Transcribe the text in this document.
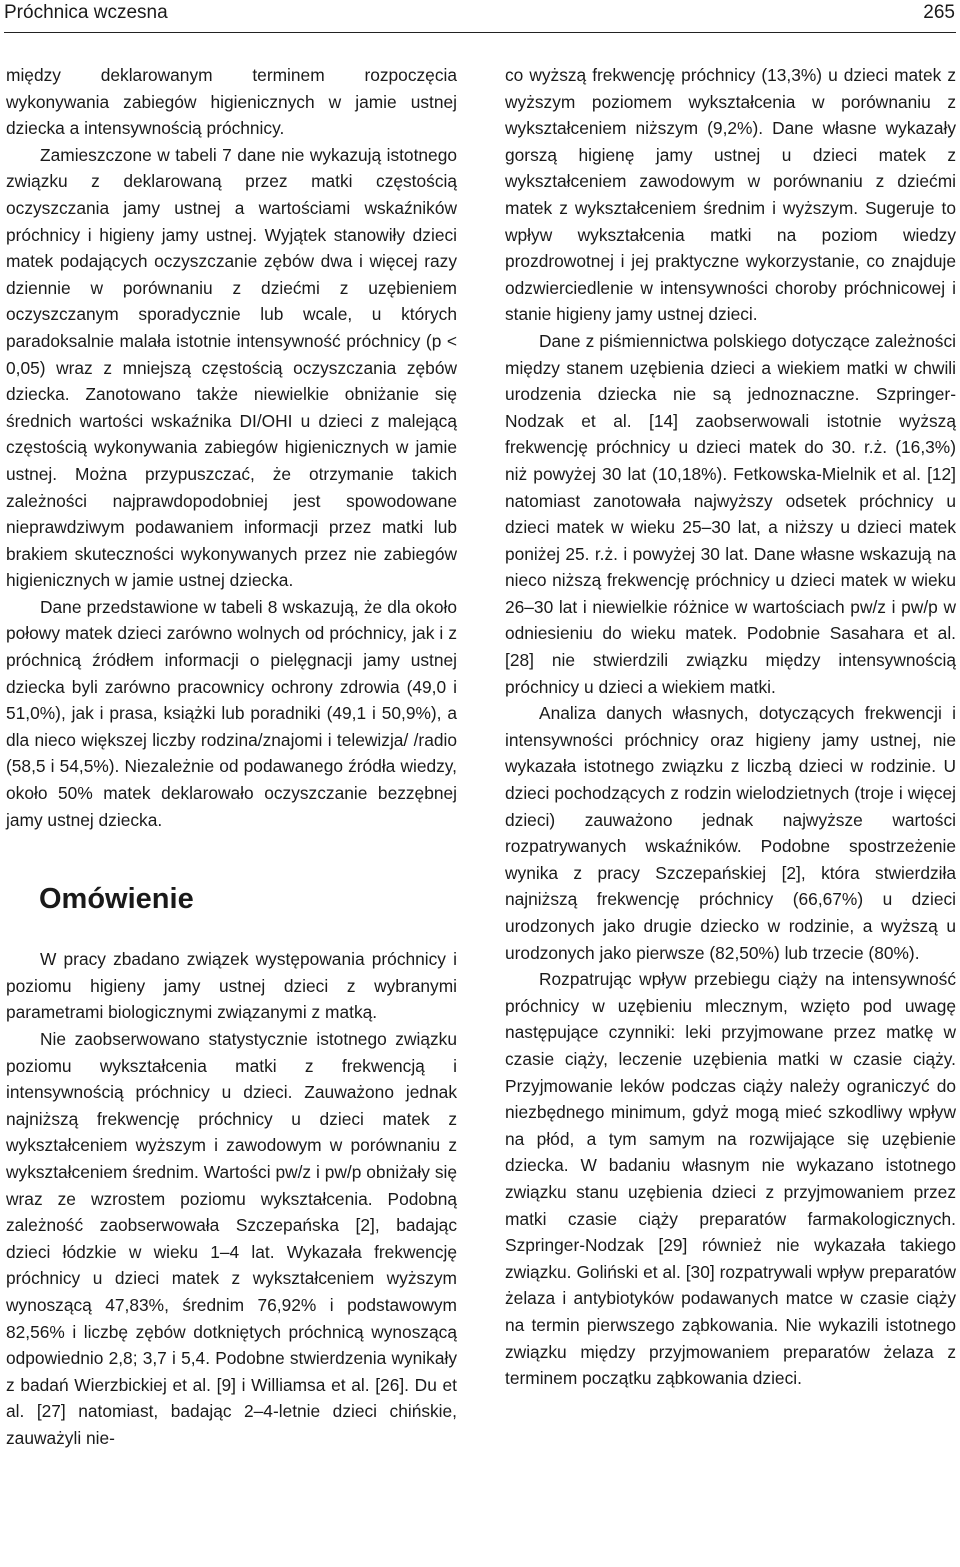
Próchnica wczesna	265

między deklarowanym terminem rozpoczęcia wykonywania zabiegów higienicznych w jamie ustnej dziecka a intensywnością próchnicy.

Zamieszczone w tabeli 7 dane nie wykazują istotnego związku z deklarowaną przez matki częstością oczyszczania jamy ustnej a wartościami wskaźników próchnicy i higieny jamy ustnej. Wyjątek stanowiły dzieci matek podających oczyszczanie zębów dwa i więcej razy dziennie w porównaniu z dziećmi z uzębieniem oczyszczanym sporadycznie lub wcale, u których paradoksalnie malała istotnie intensywność próchnicy (p < 0,05) wraz z mniejszą częstością oczyszczania zębów dziecka. Zanotowano także niewielkie obniżanie się średnich wartości wskaźnika DI/OHI u dzieci z malejącą częstością wykonywania zabiegów higienicznych w jamie ustnej. Można przypuszczać, że otrzymanie takich zależności najprawdopodobniej jest spowodowane nieprawdziwym podawaniem informacji przez matki lub brakiem skuteczności wykonywanych przez nie zabiegów higienicznych w jamie ustnej dziecka.

Dane przedstawione w tabeli 8 wskazują, że dla około połowy matek dzieci zarówno wolnych od próchnicy, jak i z próchnicą źródłem informacji o pielęgnacji jamy ustnej dziecka byli zarówno pracownicy ochrony zdrowia (49,0 i 51,0%), jak i prasa, książki lub poradniki (49,1 i 50,9%), a dla nieco większej liczby rodzina/znajomi i telewizja/ /radio (58,5 i 54,5%). Niezależnie od podawanego źródła wiedzy, około 50% matek deklarowało oczyszczanie bezzębnej jamy ustnej dziecka.

Omówienie

W pracy zbadano związek występowania próchnicy i poziomu higieny jamy ustnej dzieci z wybranymi parametrami biologicznymi związanymi z matką.

Nie zaobserwowano statystycznie istotnego związku poziomu wykształcenia matki z frekwencją i intensywnością próchnicy u dzieci. Zauważono jednak najniższą frekwencję próchnicy u dzieci matek z wykształceniem wyższym i zawodowym w porównaniu z wykształceniem średnim. Wartości pw/z i pw/p obniżały się wraz ze wzrostem poziomu wykształcenia. Podobną zależność zaobserwowała Szczepańska [2], badając dzieci łódzkie w wieku 1–4 lat. Wykazała frekwencję próchnicy u dzieci matek z wykształceniem wyższym wynoszącą 47,83%, średnim 76,92% i podstawowym 82,56% i liczbę zębów dotkniętych próchnicą wynoszącą odpowiednio 2,8; 3,7 i 5,4. Podobne stwierdzenia wynikały z badań Wierzbickiej et al. [9] i Williamsa et al. [26]. Du et al. [27] natomiast, badając 2–4-letnie dzieci chińskie, zauważyli nie-

co wyższą frekwencję próchnicy (13,3%) u dzieci matek z wyższym poziomem wykształcenia w porównaniu z wykształceniem niższym (9,2%). Dane własne wykazały gorszą higienę jamy ustnej u dzieci matek z wykształceniem zawodowym w porównaniu z dziećmi matek z wykształceniem średnim i wyższym. Sugeruje to wpływ wykształcenia matki na poziom wiedzy prozdrowotnej i jej praktyczne wykorzystanie, co znajduje odzwierciedlenie w intensywności choroby próchnicowej i stanie higieny jamy ustnej dzieci.

Dane z piśmiennictwa polskiego dotyczące zależności między stanem uzębienia dzieci a wiekiem matki w chwili urodzenia dziecka nie są jednoznaczne. Szpringer-Nodzak et al. [14] zaobserwowali istotnie wyższą frekwencję próchnicy u dzieci matek do 30. r.ż. (16,3%) niż powyżej 30 lat (10,18%). Fetkowska-Mielnik et al. [12] natomiast zanotowała najwyższy odsetek próchnicy u dzieci matek w wieku 25–30 lat, a niższy u dzieci matek poniżej 25. r.ż. i powyżej 30 lat. Dane własne wskazują na nieco niższą frekwencję próchnicy u dzieci matek w wieku 26–30 lat i niewielkie różnice w wartościach pw/z i pw/p w odniesieniu do wieku matek. Podobnie Sasahara et al. [28] nie stwierdzili związku między intensywnością próchnicy u dzieci a wiekiem matki.

Analiza danych własnych, dotyczących frekwencji i intensywności próchnicy oraz higieny jamy ustnej, nie wykazała istotnego związku z liczbą dzieci w rodzinie. U dzieci pochodzących z rodzin wielodzietnych (troje i więcej dzieci) zauważono jednak najwyższe wartości rozpatrywanych wskaźników. Podobne spostrzeżenie wynika z pracy Szczepańskiej [2], która stwierdziła najniższą frekwencję próchnicy (66,67%) u dzieci urodzonych jako drugie dziecko w rodzinie, a wyższą u urodzonych jako pierwsze (82,50%) lub trzecie (80%).

Rozpatrując wpływ przebiegu ciąży na intensywność próchnicy w uzębieniu mlecznym, wzięto pod uwagę następujące czynniki: leki przyjmowane przez matkę w czasie ciąży, leczenie uzębienia matki w czasie ciąży. Przyjmowanie leków podczas ciąży należy ograniczyć do niezbędnego minimum, gdyż mogą mieć szkodliwy wpływ na płód, a tym samym na rozwijające się uzębienie dziecka. W badaniu własnym nie wykazano istotnego związku stanu uzębienia dzieci z przyjmowaniem przez matki czasie ciąży preparatów farmakologicznych. Szpringer-Nodzak [29] również nie wykazała takiego związku. Goliński et al. [30] rozpatrywali wpływ preparatów żelaza i antybiotyków podawanych matce w czasie ciąży na termin pierwszego ząbkowania. Nie wykazili istotnego związku między przyjmowaniem preparatów żelaza z terminem początku ząbkowania dzieci.
